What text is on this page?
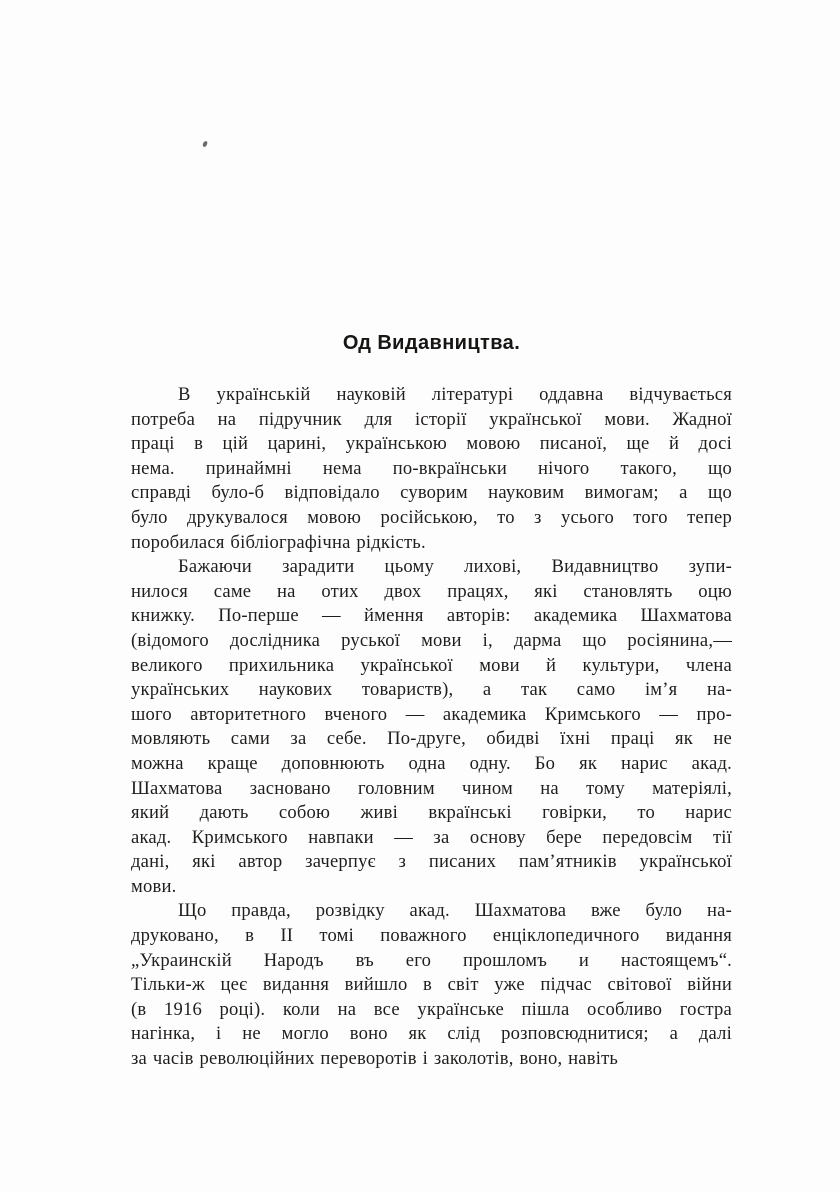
Од Видавництва.

В українській науковій літературі оддавна відчувається
потреба на підручник для історії української мови. Жадної
праці в цій царині, українською мовою писаної, ще й досі
нема. принаймні нема по-вкраїнськи нічого такого, що
справді було-б відповідало суворим науковим вимогам; а що
було друкувалося мовою російською, то з усього того тепер
поробилася бібліографічна рідкість.

Бажаючи зарадити цьому лихові, Видавництво зупи-
нилося саме на отих двох працях, які становлять оцю
книжку. По-перше — ймення авторів: академика Шахматова
(відомого дослідника руської мови і, дарма що росіянина,—
великого прихильника української мови й культури, члена
українських наукових товариств), а так само ім’я на-
шого авторитетного вченого — академика Кримського — про-
мовляють сами за себе. По-друге, обидві їхні праці як не
можна краще доповнюють одна одну. Бо як нарис акад.
Шахматова засновано головним чином на тому матеріялі,
який дають собою живі вкраїнські говірки, то нарис
акад. Кримського навпаки — за основу бере передовсім тії
дані, які автор зачерпує з писаних пам’ятників української
мови.

Що правда, розвідку акад. Шахматова вже було на-
друковано, в II томі поважного енціклопедичного видання
„Украинскій Народъ въ его прошломъ и настоящемъ“.
Тільки-ж цеє видання вийшло в світ уже підчас світової війни
(в 1916 році). коли на все українське пішла особливо гостра
нагінка, і не могло воно як слід розповсюднитися; а далі
за часів революційних переворотів і заколотів, воно, навіть
